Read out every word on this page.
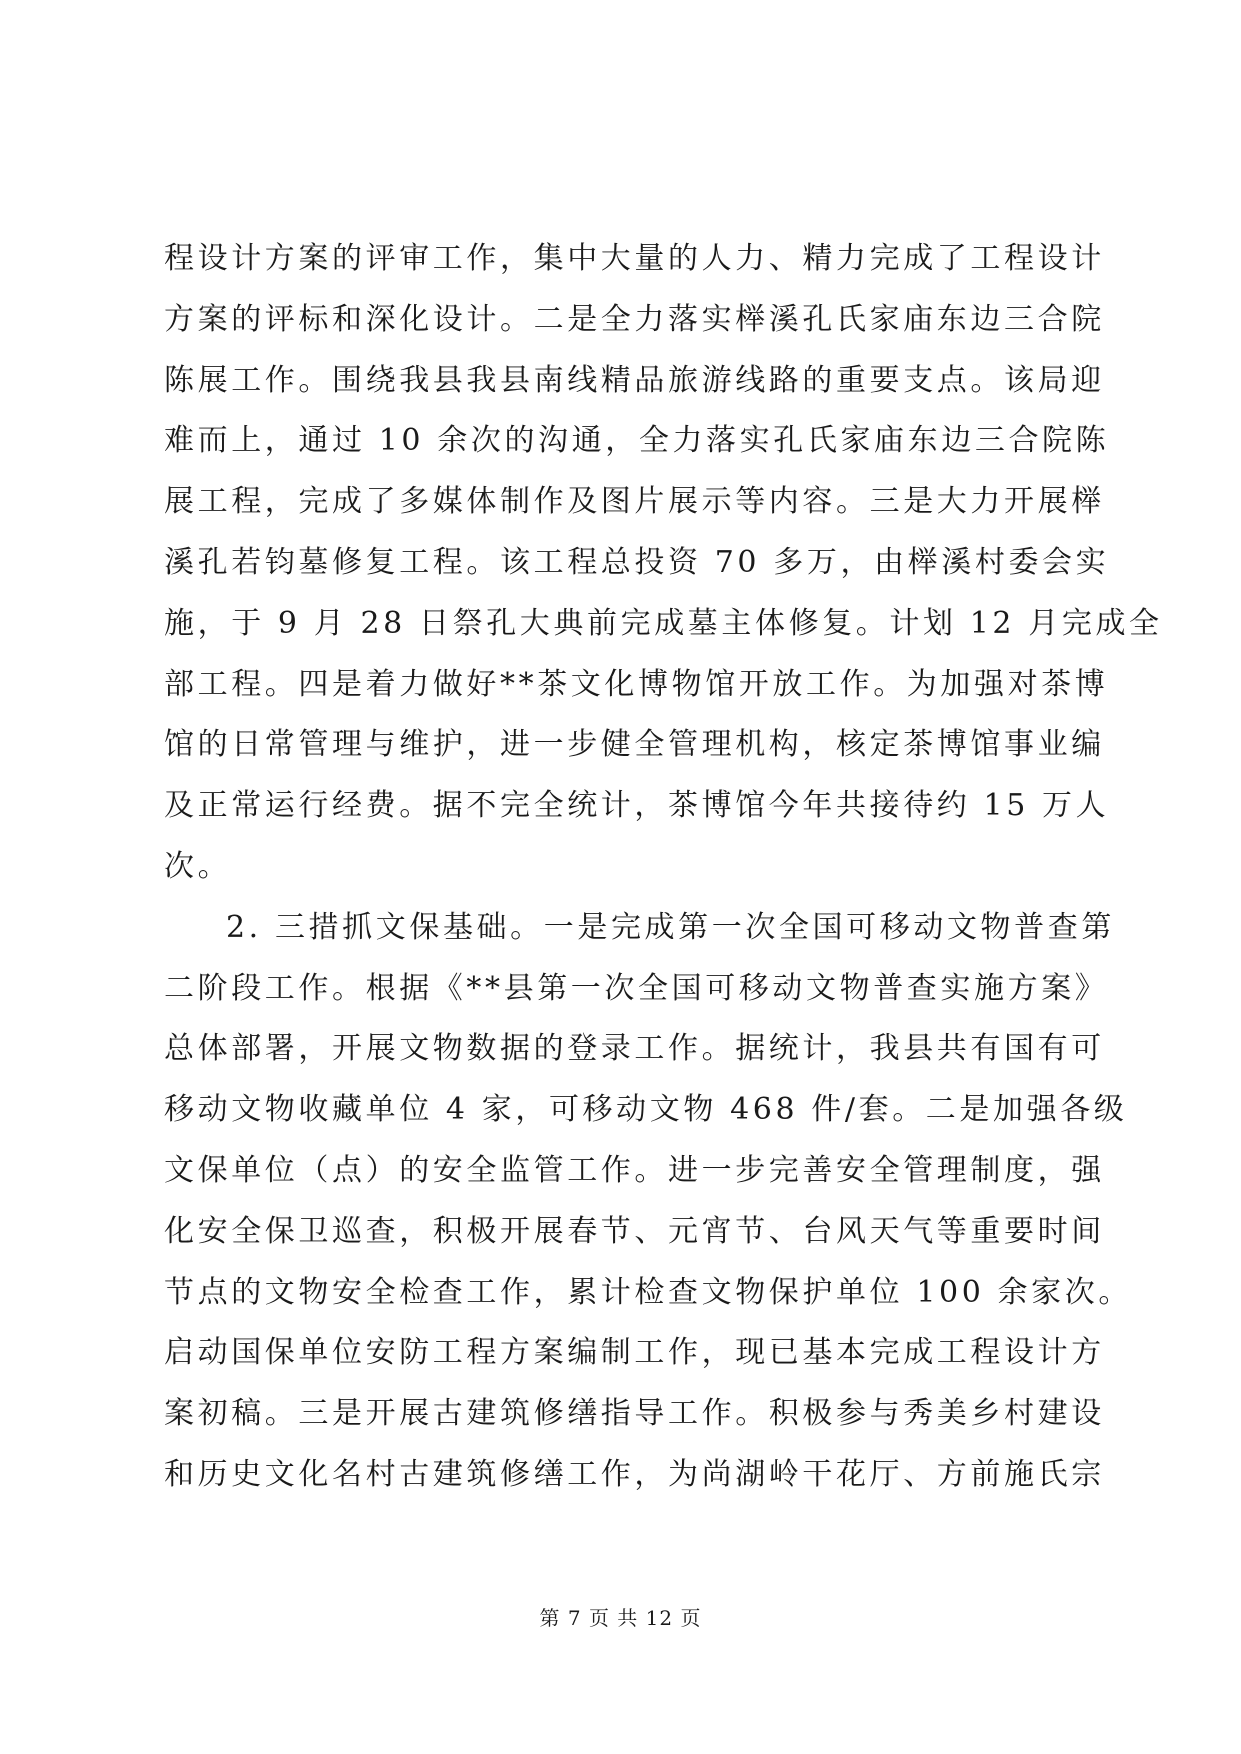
程设计方案的评审工作，集中大量的人力、精力完成了工程设计
方案的评标和深化设计。二是全力落实榉溪孔氏家庙东边三合院
陈展工作。围绕我县我县南线精品旅游线路的重要支点。该局迎
难而上，通过 10 余次的沟通，全力落实孔氏家庙东边三合院陈
展工程，完成了多媒体制作及图片展示等内容。三是大力开展榉
溪孔若钧墓修复工程。该工程总投资 70 多万，由榉溪村委会实
施，于 9 月 28 日祭孔大典前完成墓主体修复。计划 12 月完成全
部工程。四是着力做好**茶文化博物馆开放工作。为加强对茶博
馆的日常管理与维护，进一步健全管理机构，核定茶博馆事业编
及正常运行经费。据不完全统计，茶博馆今年共接待约 15 万人
次。
2. 三措抓文保基础。一是完成第一次全国可移动文物普查第
二阶段工作。根据《**县第一次全国可移动文物普查实施方案》
总体部署，开展文物数据的登录工作。据统计，我县共有国有可
移动文物收藏单位 4 家，可移动文物 468 件/套。二是加强各级
文保单位（点）的安全监管工作。进一步完善安全管理制度，强
化安全保卫巡查，积极开展春节、元宵节、台风天气等重要时间
节点的文物安全检查工作，累计检查文物保护单位 100 余家次。
启动国保单位安防工程方案编制工作，现已基本完成工程设计方
案初稿。三是开展古建筑修缮指导工作。积极参与秀美乡村建设
和历史文化名村古建筑修缮工作，为尚湖岭干花厅、方前施氏宗
第 7 页 共 12 页
